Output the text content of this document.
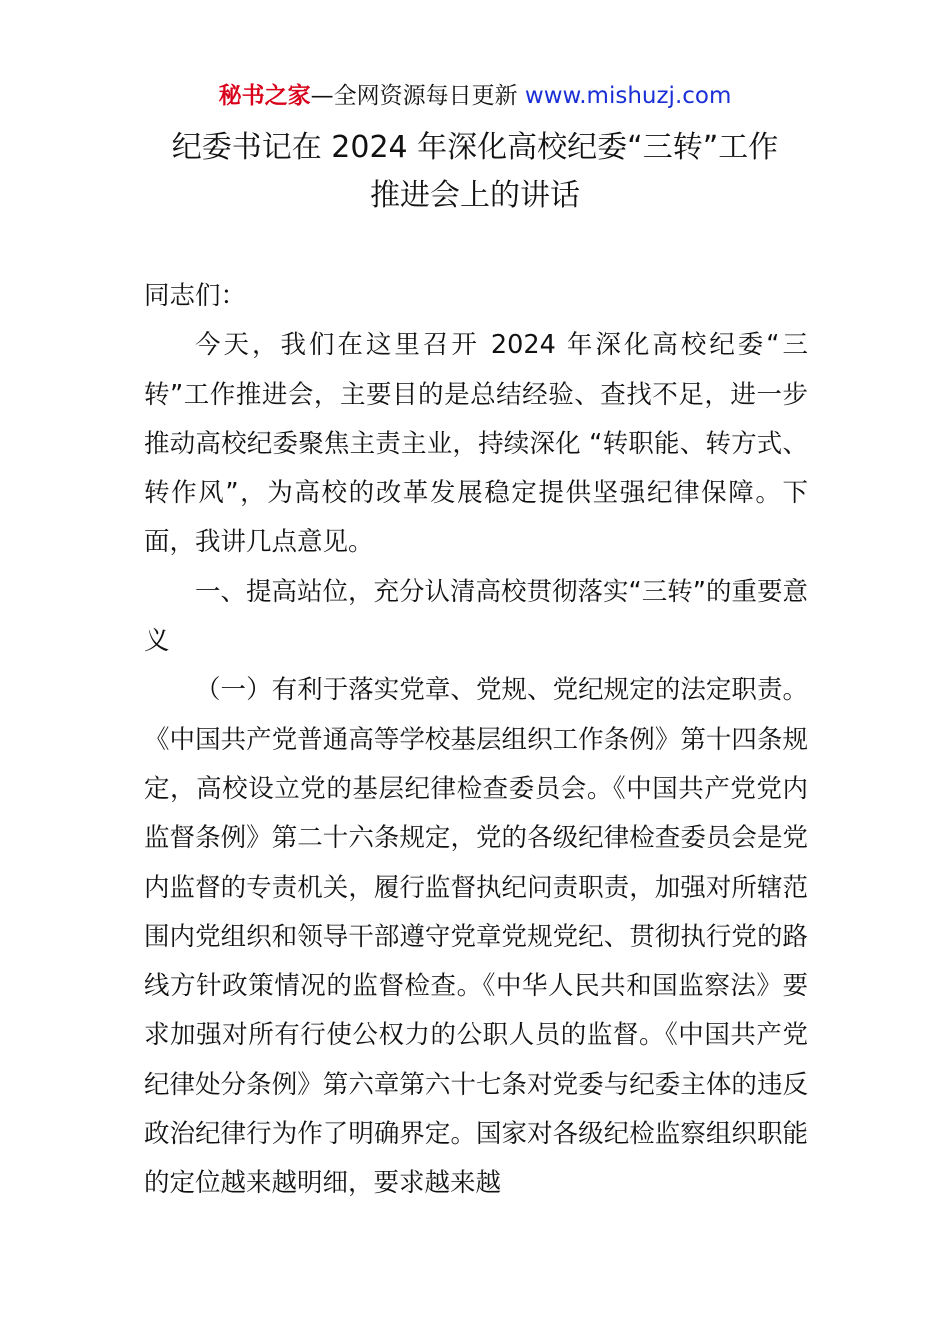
秘书之家—全网资源每日更新 www.mishuzj.com
纪委书记在 2024 年深化高校纪委“三转”工作
推进会上的讲话

同志们：

今天，我们在这里召开 2024 年深化高校纪委“三转”工作推进会，主要目的是总结经验、查找不足，进一步推动高校纪委聚焦主责主业，持续深化 “转职能、转方式、转作风”，为高校的改革发展稳定提供坚强纪律保障。下面，我讲几点意见。

一、提高站位，充分认清高校贯彻落实“三转”的重要意义

（一）有利于落实党章、党规、党纪规定的法定职责。《中国共产党普通高等学校基层组织工作条例》第十四条规定，高校设立党的基层纪律检查委员会。《中国共产党党内监督条例》第二十六条规定，党的各级纪律检查委员会是党内监督的专责机关，履行监督执纪问责职责，加强对所辖范围内党组织和领导干部遵守党章党规党纪、贯彻执行党的路线方针政策情况的监督检查。《中华人民共和国监察法》要求加强对所有行使公权力的公职人员的监督。《中国共产党纪律处分条例》第六章第六十七条对党委与纪委主体的违反政治纪律行为作了明确界定。国家对各级纪检监察组织职能的定位越来越明细，要求越来越
